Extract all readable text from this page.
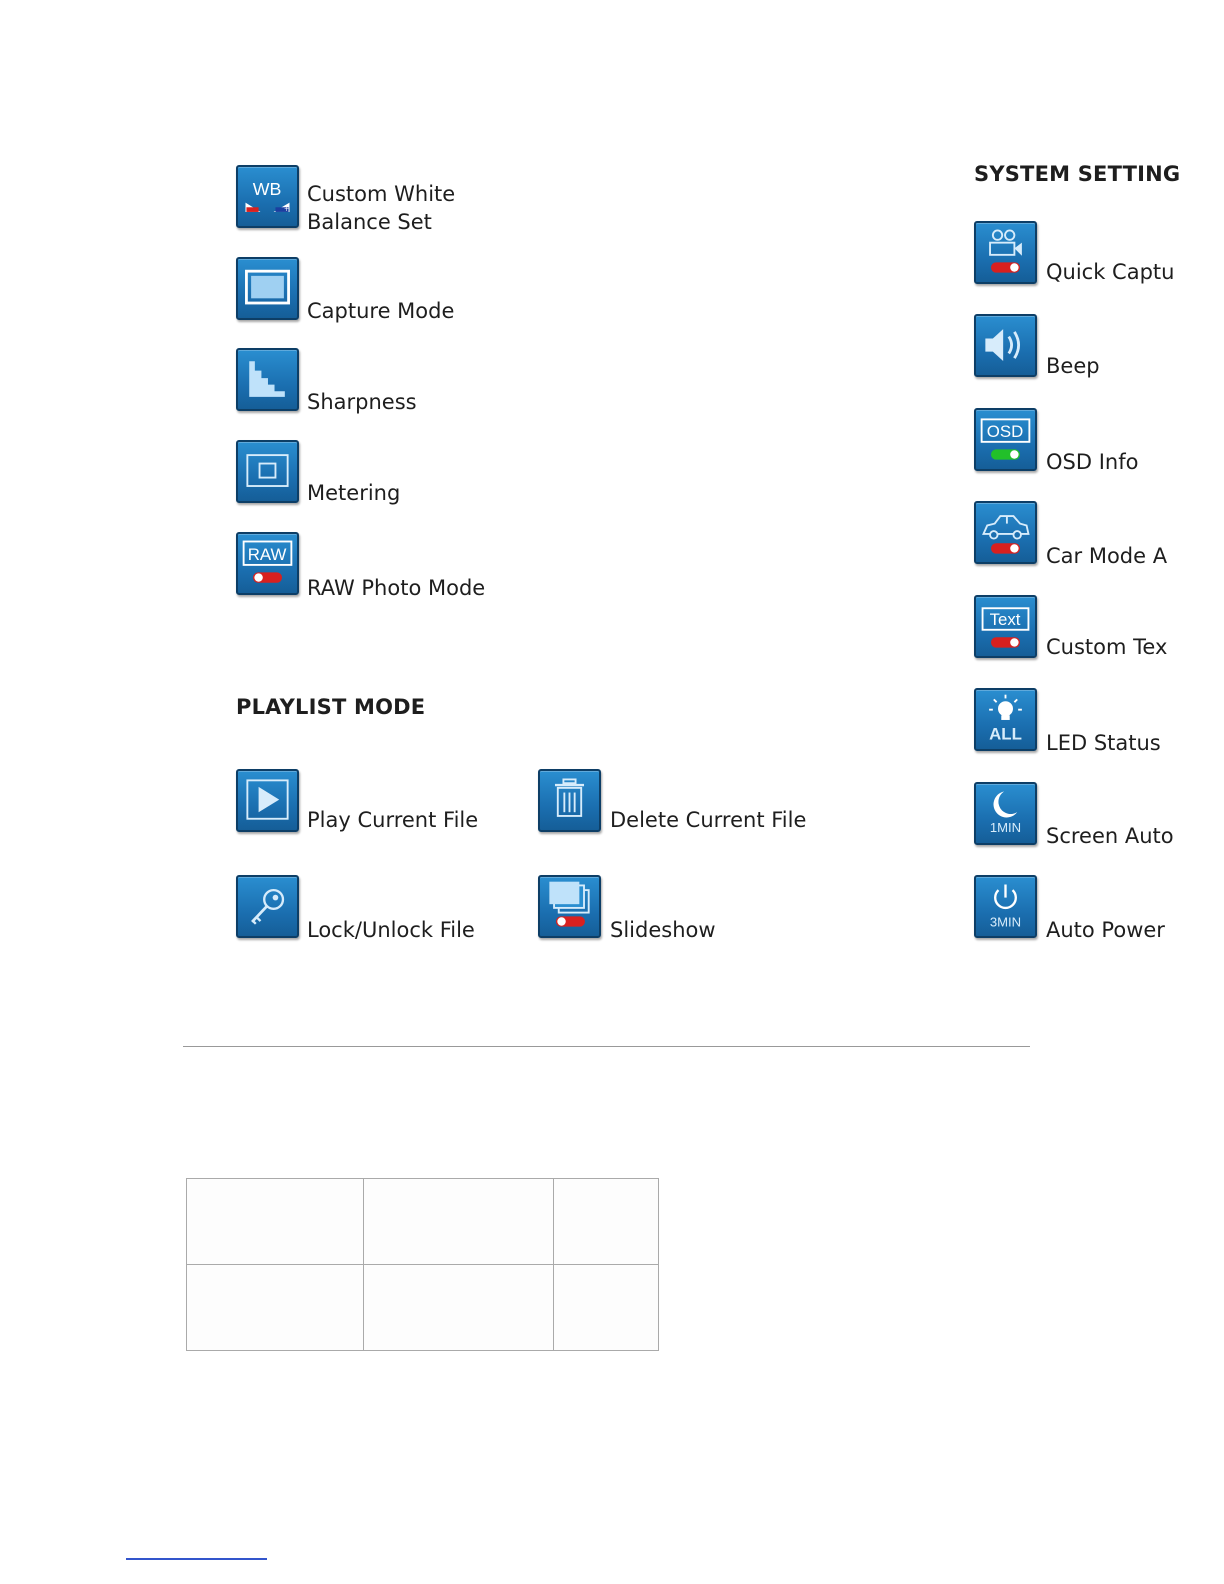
WB
+
Custom White
Balance Set
Capture Mode
Sharpness
Metering
RAW
RAW Photo Mode
PLAYLIST MODE
Play Current File	Delete Current File
Lock/Unlock File	Slideshow
SYSTEM SETTING
Quick Captu
Beep
OSD
OSD Info
Car Mode A
Text
Custom Tex
ALL LED Status
1MIN Screen Auto
3MIN Auto Power
